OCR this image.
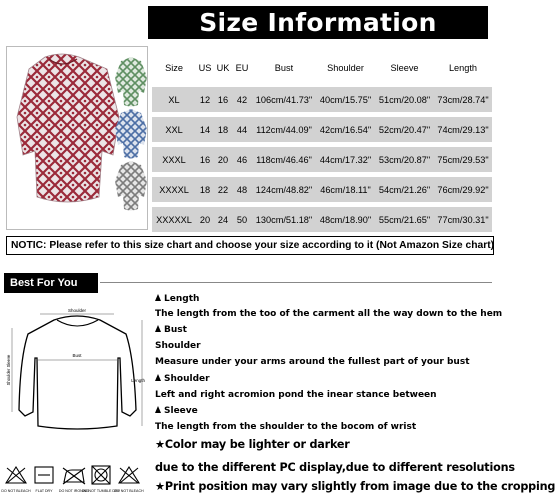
Size Information
Size	US	UK	EU	Bust	Shoulder	Sleeve	Length
XL	12	16	42	106cm/41.73"	40cm/15.75"	51cm/20.08"	73cm/28.74"
XXL	14	18	44	112cm/44.09"	42cm/16.54"	52cm/20.47"	74cm/29.13"
XXXL	16	20	46	118cm/46.46"	44cm/17.32"	53cm/20.87"	75cm/29.53"
XXXXL	18	22	48	124cm/48.82"	46cm/18.11"	54cm/21.26"	76cm/29.92"
XXXXXL	20	24	50	130cm/51.18"	48cm/18.90"	55cm/21.65"	77cm/30.31"
NOTIC: Please refer to this size chart and choose your size according to it (Not Amazon Size chart)
Best For You
Shoulder
Bust
Length
Shoulder Sleeve
DO NOT BLEACH FLAT DRY DO NOT IRONING
DO NOT TUMBLE DRY
DO NOT BLEACH
Length
The length from the too of the carment all the way down to the hem
Bust
Shoulder
Measure under your arms around the fullest part of your bust
Shoulder
Left and right acromion pond the inear stance between
Sleeve
The length from the shoulder to the bocom of wrist
★Color may be lighter or darker
due to the different PC display,due to different resolutions
★Print position may vary slightly from image due to the cropping
